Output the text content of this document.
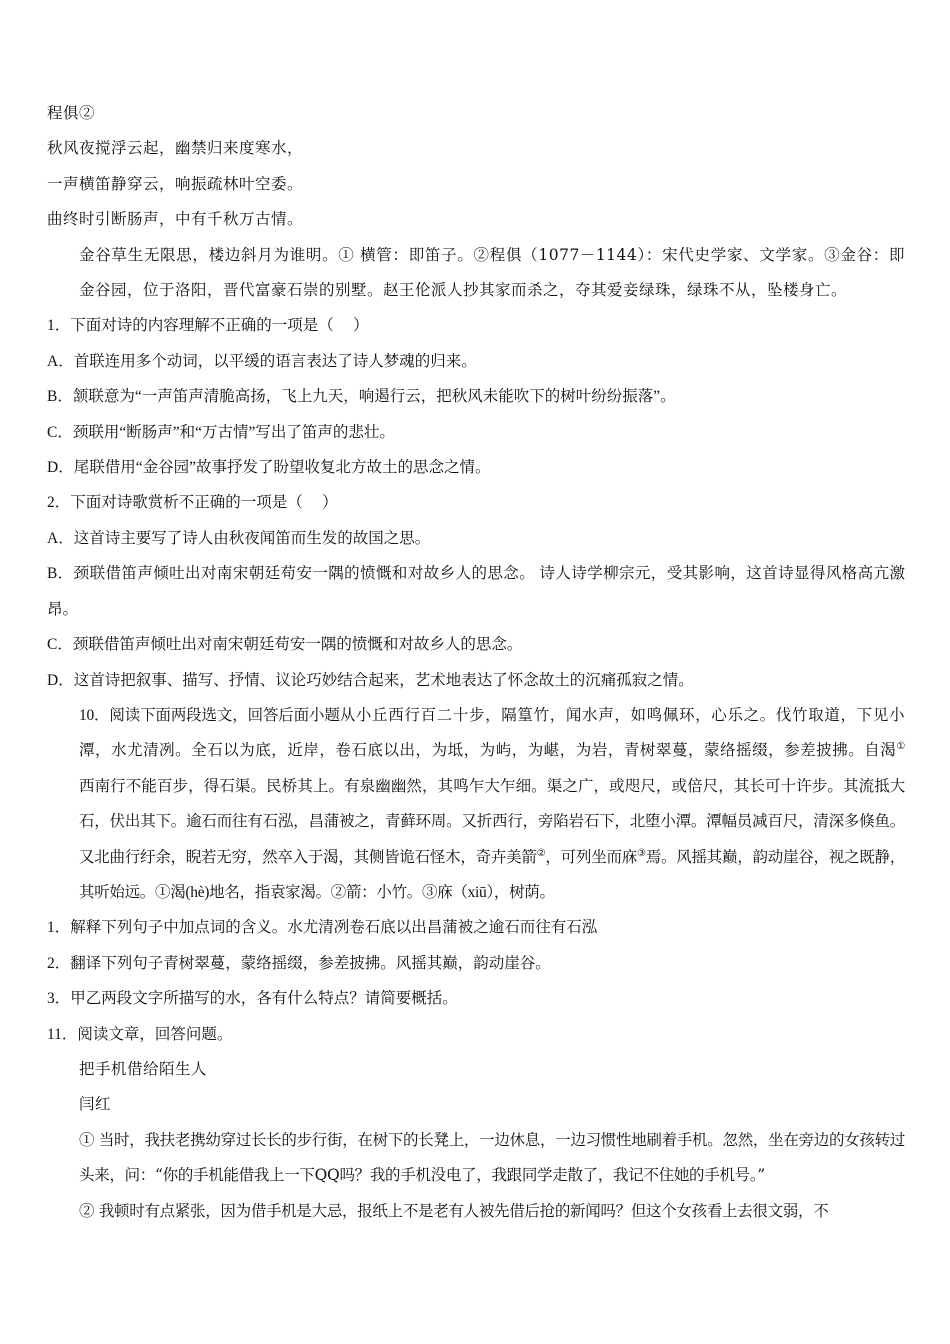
程俱②
秋风夜搅浮云起，幽禁归来度寒水，
一声横笛静穿云，响振疏林叶空委。
曲终时引断肠声，中有千秋万古情。
金谷草生无限思，楼边斜月为谁明。① 横管：即笛子。②程俱（1077－1144）：宋代史学家、文学家。③金谷：即金谷园，位于洛阳，晋代富豪石崇的别墅。赵王伦派人抄其家而杀之，夺其爱妾绿珠，绿珠不从，坠楼身亡。
1．下面对诗的内容理解不正确的一项是（　 ）
A．首联连用多个动词，以平缓的语言表达了诗人梦魂的归来。
B．颔联意为“一声笛声清脆高扬，飞上九天，响遏行云，把秋风未能吹下的树叶纷纷振落”。
C．颈联用“断肠声”和“万古情”写出了笛声的悲壮。
D．尾联借用“金谷园”故事抒发了盼望收复北方故土的思念之情。
2．下面对诗歌赏析不正确的一项是（　 ）
A．这首诗主要写了诗人由秋夜闻笛而生发的故国之思。
B．颈联借笛声倾吐出对南宋朝廷苟安一隅的愤慨和对故乡人的思念。 诗人诗学柳宗元，受其影响，这首诗显得风格高亢激昂。
C．颈联借笛声倾吐出对南宋朝廷苟安一隅的愤慨和对故乡人的思念。
D．这首诗把叙事、描写、抒情、议论巧妙结合起来，艺术地表达了怀念故土的沉痛孤寂之情。
10．阅读下面两段选文，回答后面小题从小丘西行百二十步，隔篁竹，闻水声，如鸣佩环，心乐之。伐竹取道，下见小潭，水尤清冽。全石以为底，近岸，卷石底以出，为坻，为屿，为嵁，为岩，青树翠蔓，蒙络摇缀，参差披拂。自渴①西南行不能百步，得石渠。民桥其上。有泉幽幽然，其鸣乍大乍细。渠之广，或咫尺，或倍尺，其长可十许步。其流抵大石，伏出其下。逾石而往有石泓，昌蒲被之，青藓环周。又折西行，旁陷岩石下，北堕小潭。潭幅员减百尺，清深多倏鱼。又北曲行纡余，睨若无穷，然卒入于渴，其侧皆诡石怪木，奇卉美箭②，可列坐而庥③焉。风摇其巅，韵动崖谷，视之既静，其听始远。①渴(hè)地名，指袁家渴。②箭：小竹。③庥（xiū），树荫。
1．解释下列句子中加点词的含义。水尤清冽卷石底以出昌蒲被之逾石而往有石泓
2．翻译下列句子青树翠蔓，蒙络摇缀，参差披拂。风摇其巅，韵动崖谷。
3．甲乙两段文字所描写的水，各有什么特点？请简要概括。
11．阅读文章，回答问题。
把手机借给陌生人
闫红
① 当时，我扶老携幼穿过长长的步行街，在树下的长凳上，一边休息，一边习惯性地刷着手机。忽然，坐在旁边的女孩转过头来，问：“你的手机能借我上一下QQ吗？我的手机没电了，我跟同学走散了，我记不住她的手机号。”
② 我顿时有点紧张，因为借手机是大忌，报纸上不是老有人被先借后抢的新闻吗？但这个女孩看上去很文弱，不
